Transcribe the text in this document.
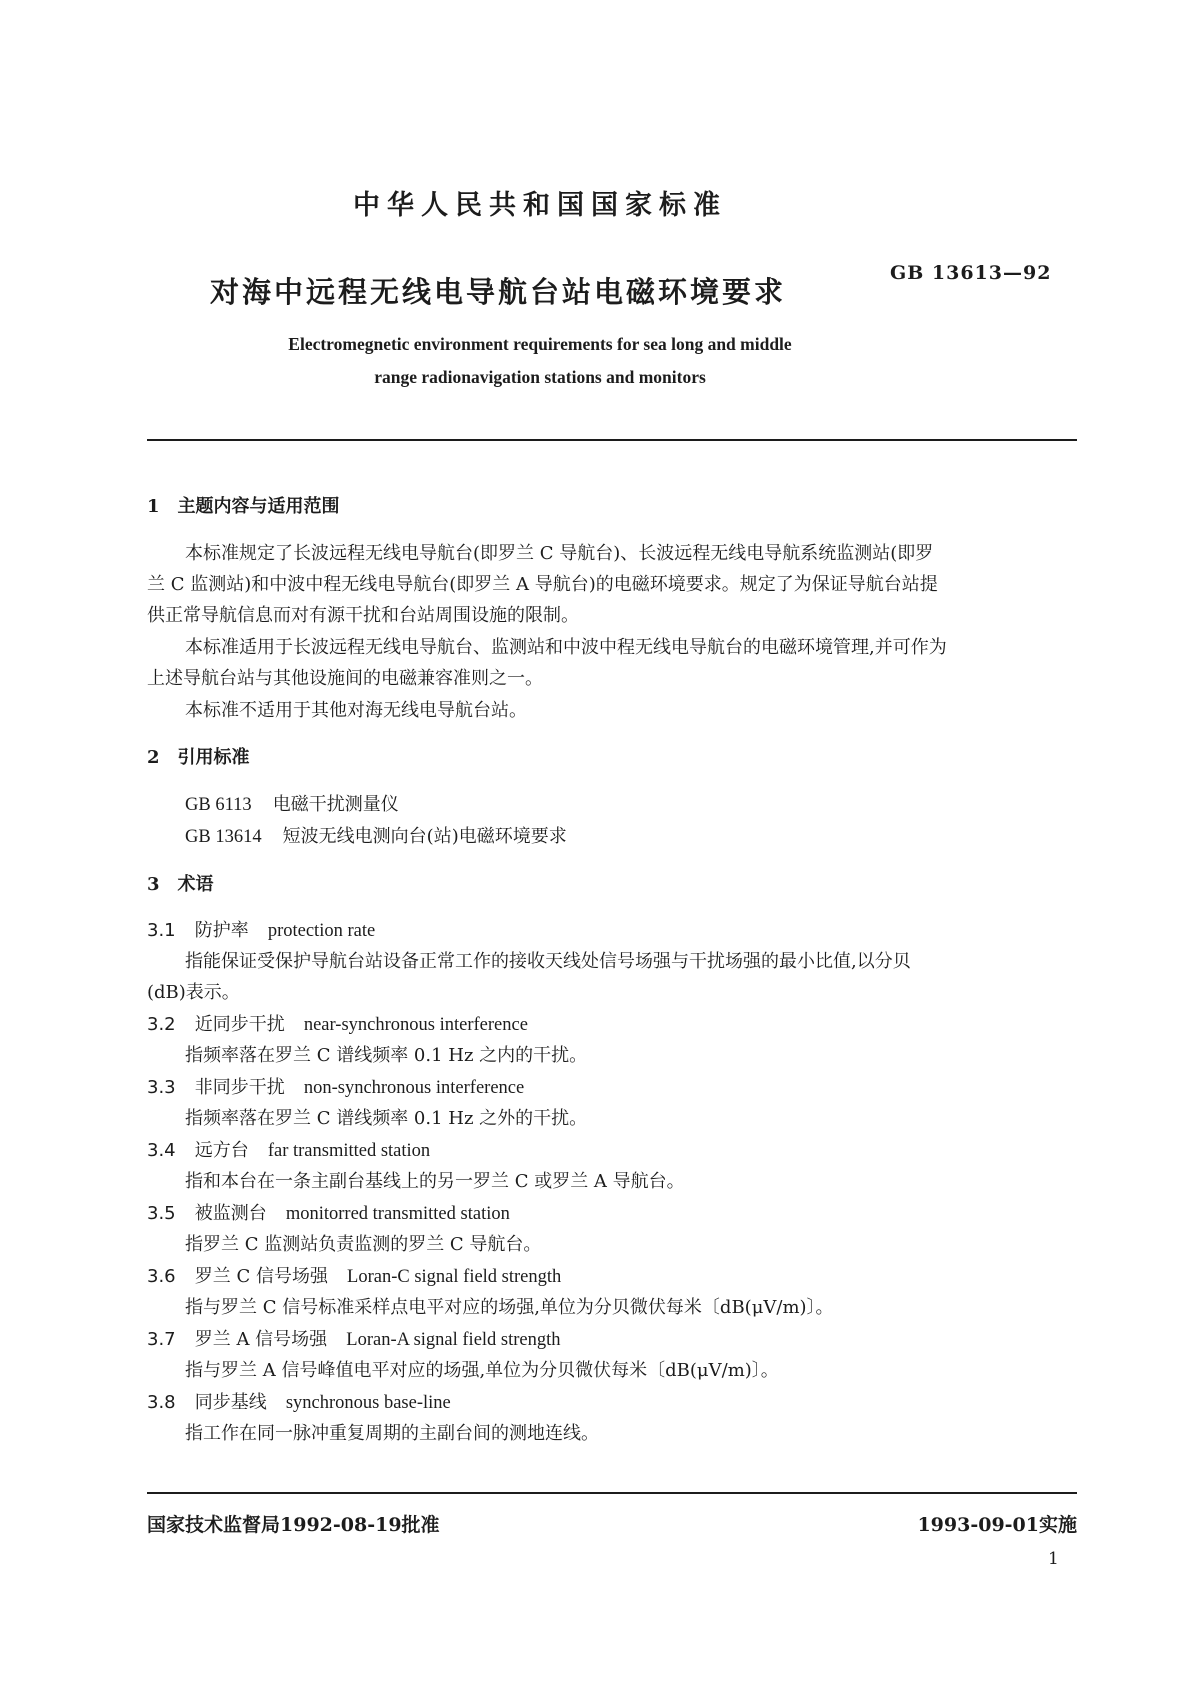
中华人民共和国国家标准
对海中远程无线电导航台站电磁环境要求
GB 13613—92
Electromegnetic environment requirements for sea long and middle
range radionavigation stations and monitors
1　主题内容与适用范围
本标准规定了长波远程无线电导航台(即罗兰 C 导航台)、长波远程无线电导航系统监测站(即罗
兰 C 监测站)和中波中程无线电导航台(即罗兰 A 导航台)的电磁环境要求。规定了为保证导航台站提
供正常导航信息而对有源干扰和台站周围设施的限制。
本标准适用于长波远程无线电导航台、监测站和中波中程无线电导航台的电磁环境管理,并可作为
上述导航台站与其他设施间的电磁兼容准则之一。
本标准不适用于其他对海无线电导航台站。
2　引用标准
GB 6113 电磁干扰测量仪
GB 13614 短波无线电测向台(站)电磁环境要求
3　术语
3.1 防护率 protection rate
指能保证受保护导航台站设备正常工作的接收天线处信号场强与干扰场强的最小比值,以分贝
(dB)表示。
3.2 近同步干扰 near-synchronous interference
指频率落在罗兰 C 谱线频率 0.1 Hz 之内的干扰。
3.3 非同步干扰 non-synchronous interference
指频率落在罗兰 C 谱线频率 0.1 Hz 之外的干扰。
3.4 远方台 far transmitted station
指和本台在一条主副台基线上的另一罗兰 C 或罗兰 A 导航台。
3.5 被监测台 monitorred transmitted station
指罗兰 C 监测站负责监测的罗兰 C 导航台。
3.6 罗兰 C 信号场强 Loran-C signal field strength
指与罗兰 C 信号标准采样点电平对应的场强,单位为分贝微伏每米〔dB(μV/m)〕。
3.7 罗兰 A 信号场强 Loran-A signal field strength
指与罗兰 A 信号峰值电平对应的场强,单位为分贝微伏每米〔dB(μV/m)〕。
3.8 同步基线 synchronous base-line
指工作在同一脉冲重复周期的主副台间的测地连线。
国家技术监督局1992-08-19批准	1993-09-01实施
1
